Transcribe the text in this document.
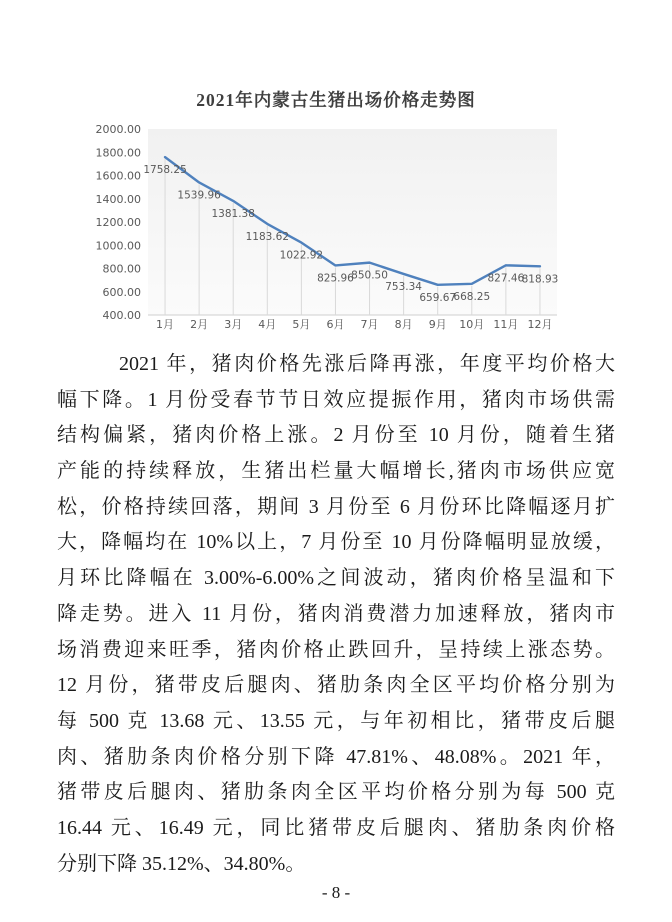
2021年内蒙古生猪出场价格走势图
400.00
600.00
800.00
1000.00
1200.00
1400.00
1600.00
1800.00
2000.00
1758.25
1539.96
1381.38
1183.62
1022.92
825.96
850.50
753.34
659.67
668.25
827.46
818.93
1月 2月 3月 4月 5月 6月 7月 8月 9月 10月 11月 12月
2021 年，猪肉价格先涨后降再涨，年度平均价格大
幅下降。1 月份受春节节日效应提振作用，猪肉市场供需
结构偏紧，猪肉价格上涨。2 月份至 10 月份，随着生猪
产能的持续释放，生猪出栏量大幅增长,猪肉市场供应宽
松，价格持续回落，期间 3 月份至 6 月份环比降幅逐月扩
大，降幅均在 10%以上，7 月份至 10 月份降幅明显放缓，
月环比降幅在 3.00%-6.00%之间波动，猪肉价格呈温和下
降走势。进入 11 月份，猪肉消费潜力加速释放，猪肉市
场消费迎来旺季，猪肉价格止跌回升，呈持续上涨态势。
12 月份，猪带皮后腿肉、猪肋条肉全区平均价格分别为
每 500 克 13.68 元、13.55 元，与年初相比，猪带皮后腿
肉、猪肋条肉价格分别下降 47.81%、48.08%。2021 年，
猪带皮后腿肉、猪肋条肉全区平均价格分别为每 500 克
16.44 元、16.49 元，同比猪带皮后腿肉、猪肋条肉价格
分别下降 35.12%、34.80%。
- 8 -
